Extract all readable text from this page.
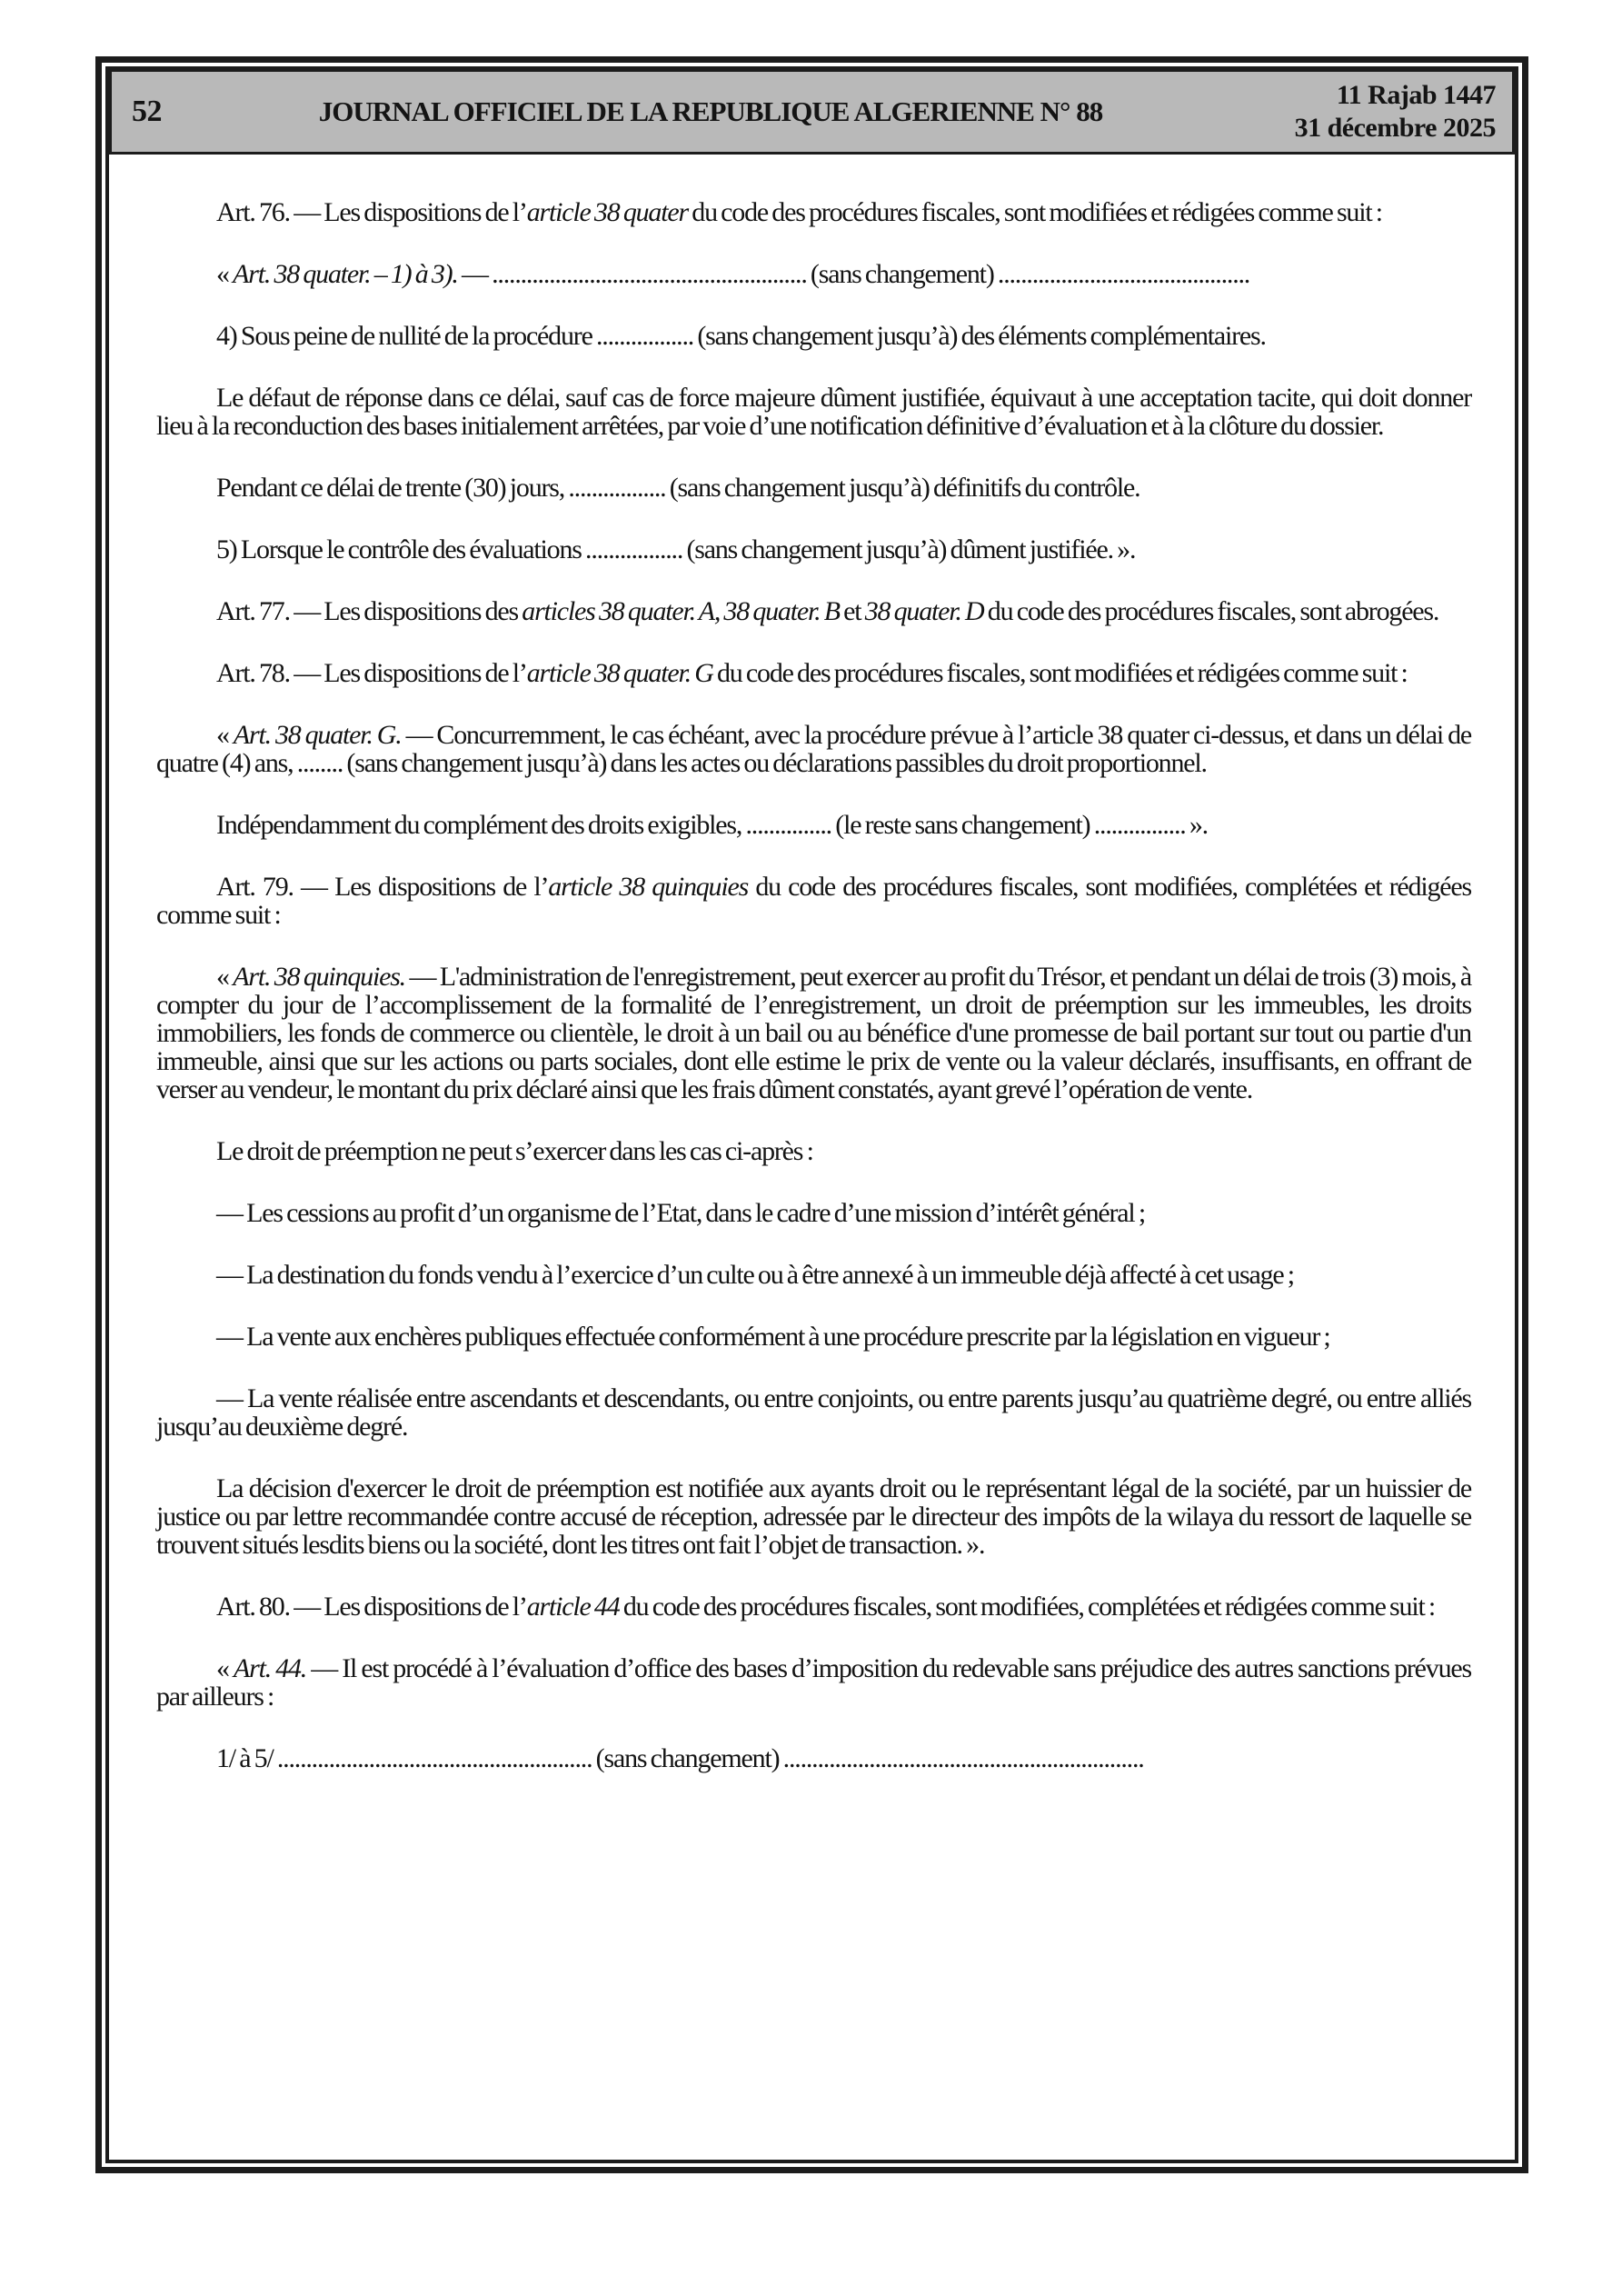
52	JOURNAL OFFICIEL DE LA REPUBLIQUE ALGERIENNE N° 88
11 Rajab 1447
31 décembre 2025

Art. 76. — Les dispositions de l’article 38 quater du code des procédures fiscales, sont modifiées et rédigées comme suit :

« Art. 38 quater. – 1) à 3). — ....................................................... (sans changement) ............................................

4) Sous peine de nullité de la procédure ................. (sans changement jusqu’à) des éléments complémentaires.

Le défaut de réponse dans ce délai, sauf cas de force majeure dûment justifiée, équivaut à une acceptation tacite, qui doit donner lieu à la reconduction des bases initialement arrêtées, par voie d’une notification définitive d’évaluation et à la clôture du dossier.

Pendant ce délai de trente (30) jours, ................. (sans changement jusqu’à) définitifs du contrôle.

5) Lorsque le contrôle des évaluations ................. (sans changement jusqu’à) dûment justifiée. ».

Art. 77. — Les dispositions des articles 38 quater. A, 38 quater. B et 38 quater. D du code des procédures fiscales, sont abrogées.

Art. 78. — Les dispositions de l’article 38 quater. G du code des procédures fiscales, sont modifiées et rédigées comme suit :

« Art. 38 quater. G. — Concurremment, le cas échéant, avec la procédure prévue à l’article 38 quater ci-dessus, et dans un délai de quatre (4) ans, ........ (sans changement jusqu’à) dans les actes ou déclarations passibles du droit proportionnel.

Indépendamment du complément des droits exigibles, ............... (le reste sans changement) ................ ».

Art. 79. — Les dispositions de l’article 38 quinquies du code des procédures fiscales, sont modifiées, complétées et rédigées comme suit :

« Art. 38 quinquies. — L'administration de l'enregistrement, peut exercer au profit du Trésor, et pendant un délai de trois (3) mois, à compter du jour de l’accomplissement de la formalité de l’enregistrement, un droit de préemption sur les immeubles, les droits immobiliers, les fonds de commerce ou clientèle, le droit à un bail ou au bénéfice d'une promesse de bail portant sur tout ou partie d'un immeuble, ainsi que sur les actions ou parts sociales, dont elle estime le prix de vente ou la valeur déclarés, insuffisants, en offrant de verser au vendeur, le montant du prix déclaré ainsi que les frais dûment constatés, ayant grevé l’opération de vente.

Le droit de préemption ne peut s’exercer dans les cas ci-après :

— Les cessions au profit d’un organisme de l’Etat, dans le cadre d’une mission d’intérêt général ;

— La destination du fonds vendu à l’exercice d’un culte ou à être annexé à un immeuble déjà affecté à cet usage ;

— La vente aux enchères publiques effectuée conformément à une procédure prescrite par la législation en vigueur ;

— La vente réalisée entre ascendants et descendants, ou entre conjoints, ou entre parents jusqu’au quatrième degré, ou entre alliés jusqu’au deuxième degré.

La décision d'exercer le droit de préemption est notifiée aux ayants droit ou le représentant légal de la société, par un huissier de justice ou par lettre recommandée contre accusé de réception, adressée par le directeur des impôts de la wilaya du ressort de laquelle se trouvent situés lesdits biens ou la société, dont les titres ont fait l’objet de transaction. ».

Art. 80. — Les dispositions de l’article 44 du code des procédures fiscales, sont modifiées, complétées et rédigées comme suit :

« Art. 44. — Il est procédé à l’évaluation d’office des bases d’imposition du redevable sans préjudice des autres sanctions prévues par ailleurs :

1/ à 5/ ....................................................... (sans changement) ...............................................................
